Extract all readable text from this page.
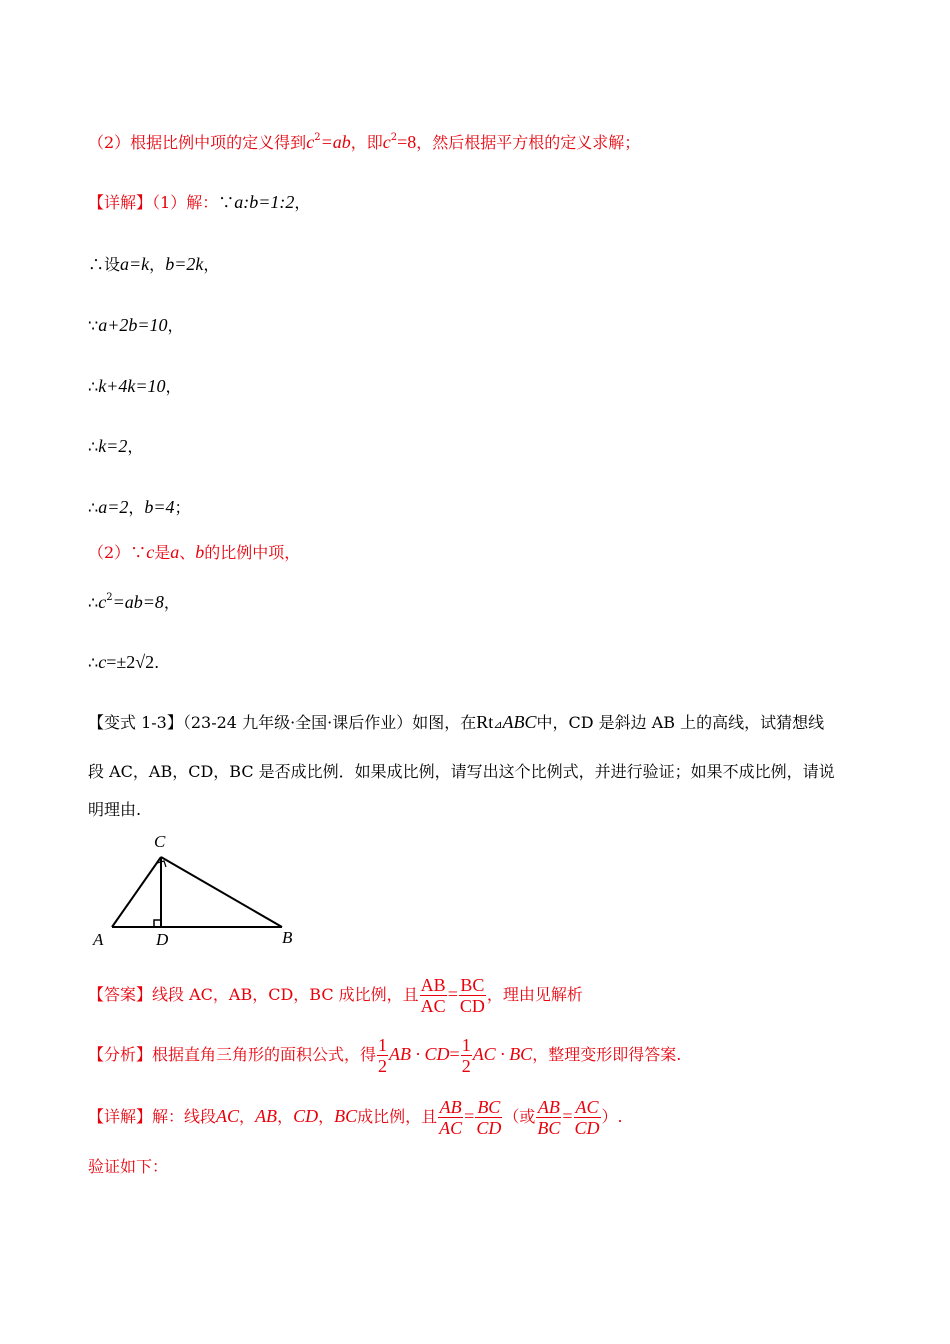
（2）根据比例中项的定义得到$c^2=ab$，即$c^2=8$，然后根据平方根的定义求解；
【详解】（1）解：∵a:b=1:2，
∴设a=k，b=2k，
∵a+2b=10，
∴k+4k=10，
∴k=2，
∴a=2，b=4；
（2）∵c是a、b的比例中项，
$\therefore c^2=ab=8$，
∴c=±2√2.
【变式 1-3】（23-24 九年级·全国·课后作业）如图，在Rt⊿ABC中，CD 是斜边 AB 上的高线，试猜想线
段 AC，AB，CD，BC 是否成比例．如果成比例，请写出这个比例式，并进行验证；如果不成比例，请说
明理由.
C
A	D	B
【答案】线段 AC，AB，CD，BC 成比例，且 $\frac{AB}{AC} = \frac{BC}{CD}$ ，理由见解析
【分析】根据直角三角形的面积公式，得 $\frac{1}{2}$ AB · $CD= \frac{1}{2}$ AC · BC，整理变形即得答案.
【详解】解：线段AC，AB，CD，BC成比例，且 $\frac{AB}{AC} = \frac{BC}{CD}$ （或 $\frac{AB}{BC} = \frac{AC}{CD}$ ）.
验证如下：
